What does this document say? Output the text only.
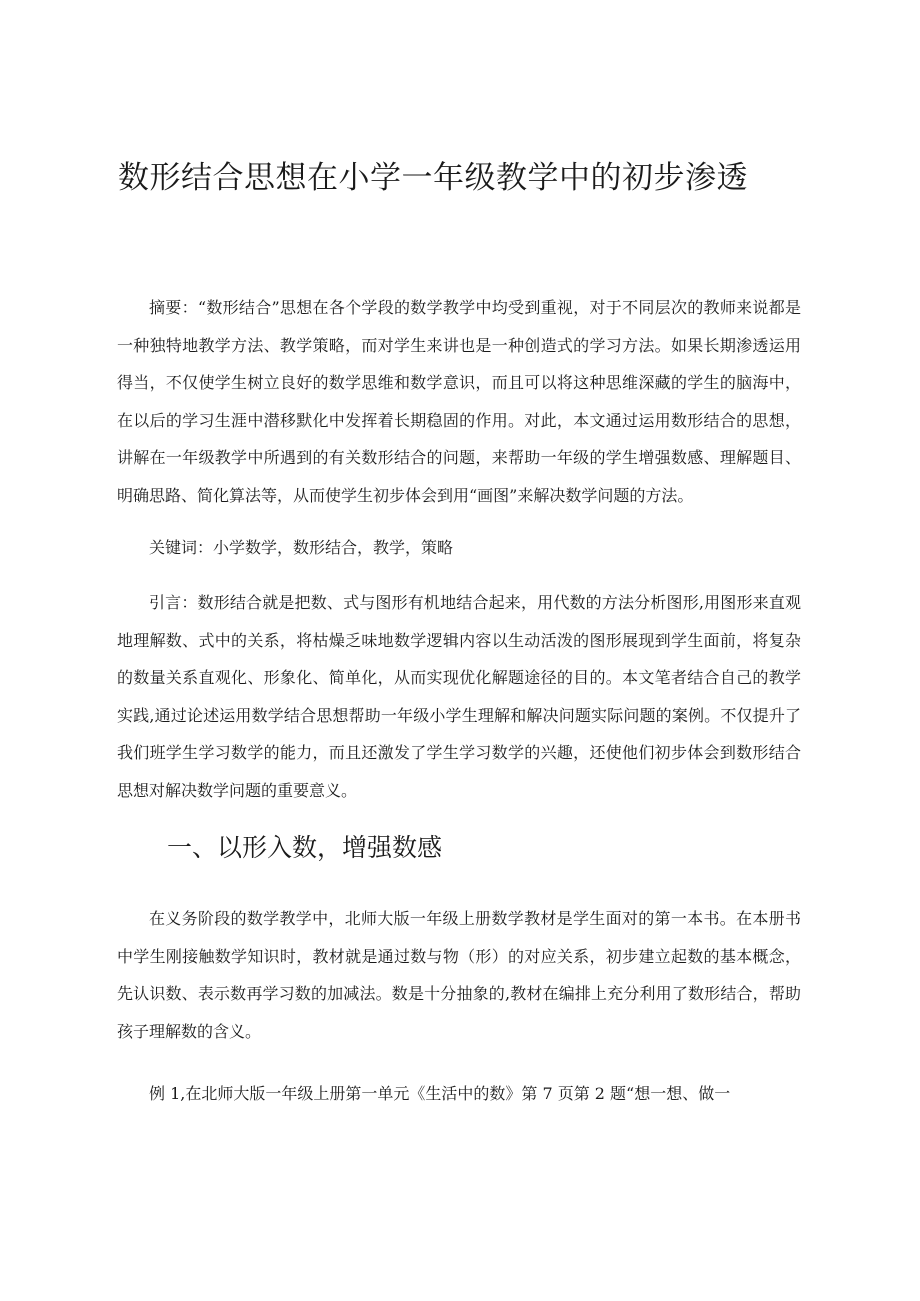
数形结合思想在小学一年级教学中的初步渗透

摘要：“数形结合”思想在各个学段的数学教学中均受到重视，对于不同层次的教师来说都是一种独特地教学方法、教学策略，而对学生来讲也是一种创造式的学习方法。如果长期渗透运用得当，不仅使学生树立良好的数学思维和数学意识，而且可以将这种思维深藏的学生的脑海中，在以后的学习生涯中潜移默化中发挥着长期稳固的作用。对此，本文通过运用数形结合的思想，讲解在一年级教学中所遇到的有关数形结合的问题，来帮助一年级的学生增强数感、理解题目、明确思路、简化算法等，从而使学生初步体会到用“画图”来解决数学问题的方法。

关键词：小学数学，数形结合，教学，策略

引言：数形结合就是把数、式与图形有机地结合起来，用代数的方法分析图形,用图形来直观地理解数、式中的关系，将枯燥乏味地数学逻辑内容以生动活泼的图形展现到学生面前，将复杂的数量关系直观化、形象化、简单化，从而实现优化解题途径的目的。本文笔者结合自己的教学实践,通过论述运用数学结合思想帮助一年级小学生理解和解决问题实际问题的案例。不仅提升了我们班学生学习数学的能力，而且还激发了学生学习数学的兴趣，还使他们初步体会到数形结合思想对解决数学问题的重要意义。

一、以形入数，增强数感

在义务阶段的数学教学中，北师大版一年级上册数学教材是学生面对的第一本书。在本册书中学生刚接触数学知识时，教材就是通过数与物（形）的对应关系，初步建立起数的基本概念，先认识数、表示数再学习数的加减法。数是十分抽象的,教材在编排上充分利用了数形结合，帮助孩子理解数的含义。

例 1,在北师大版一年级上册第一单元《生活中的数》第 7 页第 2 题“想一想、做一
